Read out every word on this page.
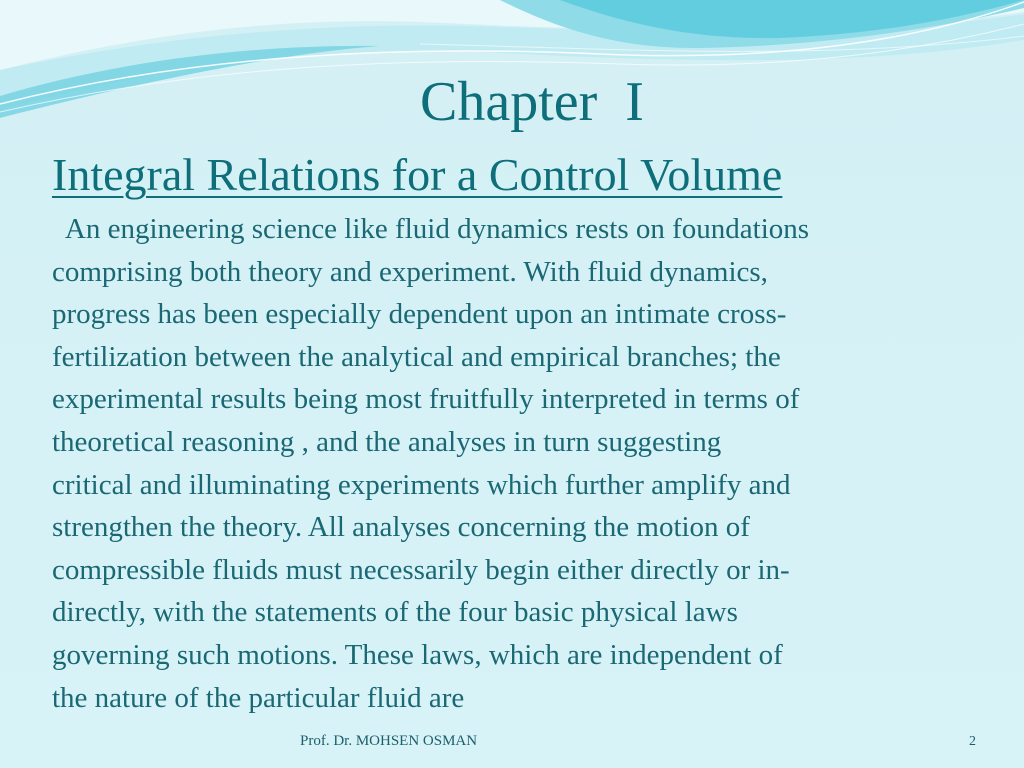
Chapter  I
Integral Relations for a Control Volume

An engineering science like fluid dynamics rests on foundations
comprising both theory and experiment. With fluid dynamics,
progress has been especially dependent upon an intimate cross-
fertilization between the analytical and empirical branches; the
experimental results being most fruitfully interpreted in terms of
theoretical reasoning , and the analyses in turn suggesting
critical and illuminating experiments which further amplify and
strengthen the theory. All analyses concerning the motion of
compressible fluids must necessarily begin either directly or in-
directly, with the statements of the four basic physical laws
governing such motions. These laws, which are independent of
the nature of the particular fluid are

Prof. Dr. MOHSEN OSMAN	2
